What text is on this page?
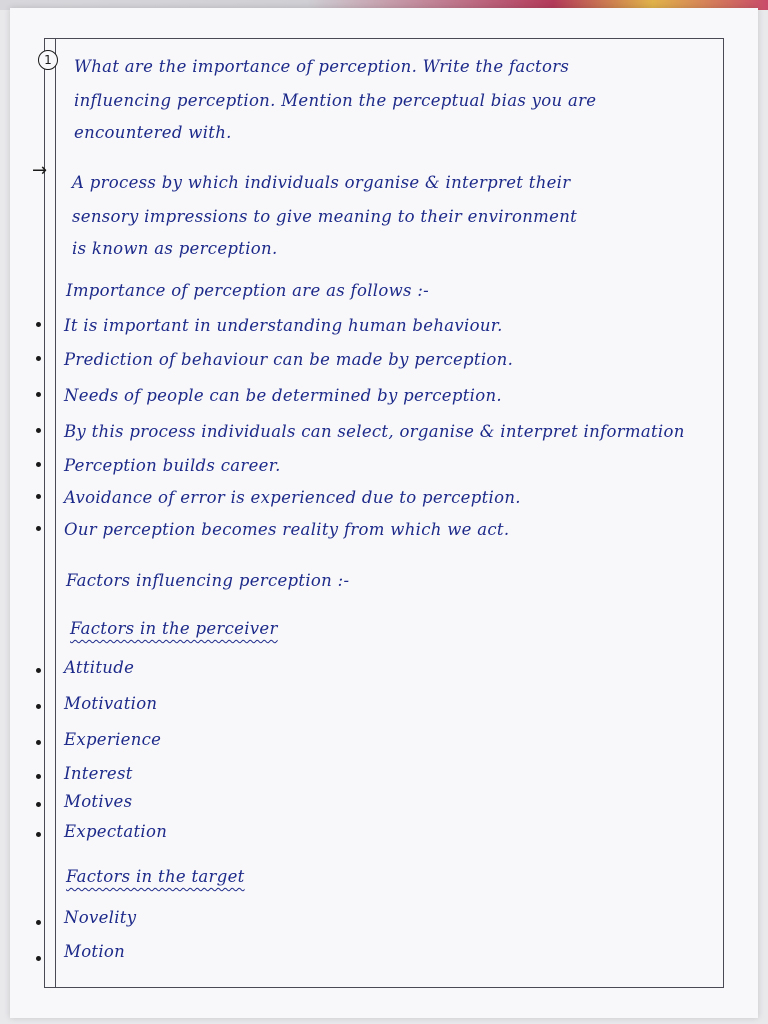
1	What are the importance of perception. Write the factors
influencing perception. Mention the perceptual bias you are
encountered with.
→
A process by which individuals organise & interpret their
sensory impressions to give meaning to their environment
is known as perception.
Importance of perception are as follows :-
It is important in understanding human behaviour.
Prediction of behaviour can be made by perception.
Needs of people can be determined by perception.
By this process individuals can select, organise & interpret information
Perception builds career.
Avoidance of error is experienced due to perception.
Our perception becomes reality from which we act.
Factors influencing perception :-
Factors in the perceiver
Attitude
Motivation
Experience
Interest
Motives
Expectation
Factors in the target
Novelity
Motion
